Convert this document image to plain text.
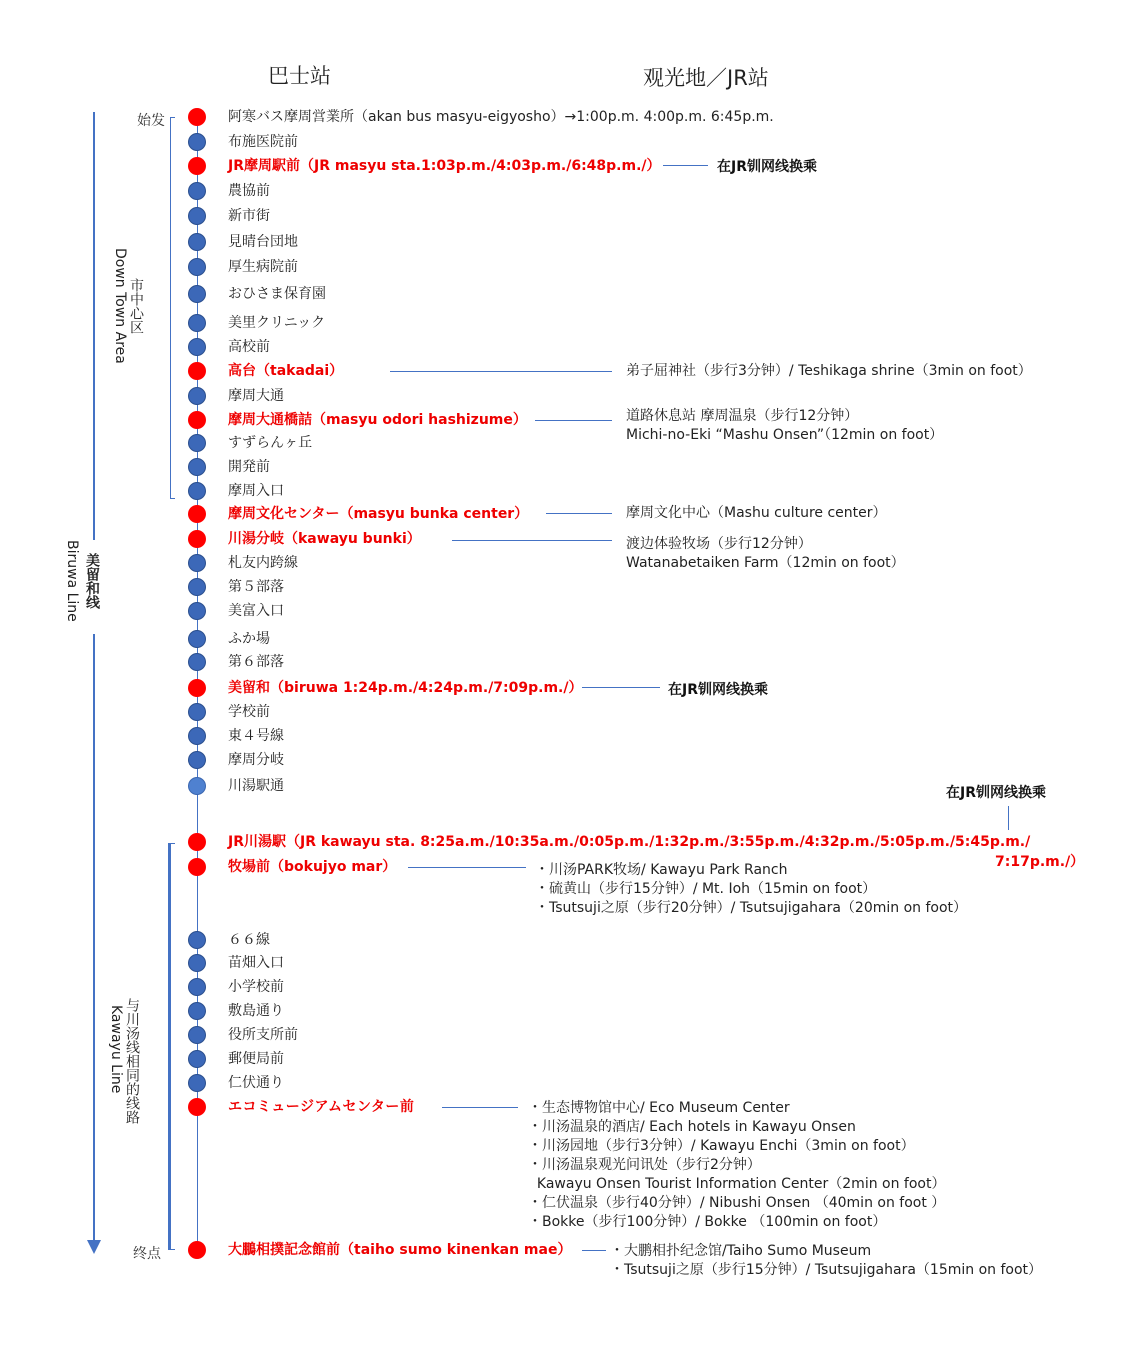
巴士站	观光地／JR站
美留和线
Biruwa Line
市中心区
Down Town Area
与川汤线相同的线路
Kawayu Line
始发
终点
阿寒バス摩周営業所（akan bus masyu-eigyosho）→1:00p.m. 4:00p.m. 6:45p.m.
布施医院前
JR摩周駅前（JR masyu sta.1:03p.m./4:03p.m./6:48p.m./）
農協前
新市街
見晴台団地
厚生病院前
おひさま保育園
美里クリニック
高校前
高台（takadai）
摩周大通
摩周大通橋詰（masyu odori hashizume）
すずらんヶ丘
開発前
摩周入口
摩周文化センター（masyu bunka center）
川湯分岐（kawayu bunki）
札友内跨線
第５部落
美富入口
ふか場
第６部落
美留和（biruwa 1:24p.m./4:24p.m./7:09p.m./）
学校前
東４号線
摩周分岐
川湯駅通
JR川湯駅（JR kawayu sta. 8:25a.m./10:35a.m./0:05p.m./1:32p.m./3:55p.m./4:32p.m./5:05p.m./5:45p.m./
7:17p.m./）
牧場前（bokujyo mar）
６６線
苗畑入口
小学校前
敷島通り
役所支所前
郵便局前
仁伏通り
エコミュージアムセンター前
大鵬相撲記念館前（taiho sumo kinenkan mae）
在JR钏网线换乘
在JR钏网线换乘
在JR钏网线换乘
弟子屈神社（步行3分钟）/ Teshikaga shrine（3min on foot）
道路休息站 摩周温泉（步行12分钟）
Michi-no-Eki “Mashu Onsen”（12min on foot）
摩周文化中心（Mashu culture center）
渡边体验牧场（步行12分钟）
Watanabetaiken Farm（12min on foot）
・川汤PARK牧场/ Kawayu Park Ranch
・硫黄山（步行15分钟）/ Mt. Ioh（15min on foot）
・Tsutsuji之原（步行20分钟）/ Tsutsujigahara（20min on foot）
・生态博物馆中心/ Eco Museum Center
・川汤温泉的酒店/ Each hotels in Kawayu Onsen
・川汤园地（步行3分钟）/ Kawayu Enchi（3min on foot）
・川汤温泉观光问讯处（步行2分钟）
Kawayu Onsen Tourist Information Center（2min on foot）
・仁伏温泉（步行40分钟）/ Nibushi Onsen （40min on foot ）
・Bokke（步行100分钟）/ Bokke （100min on foot）
・大鹏相扑纪念馆/Taiho Sumo Museum
・Tsutsuji之原（步行15分钟）/ Tsutsujigahara（15min on foot）
